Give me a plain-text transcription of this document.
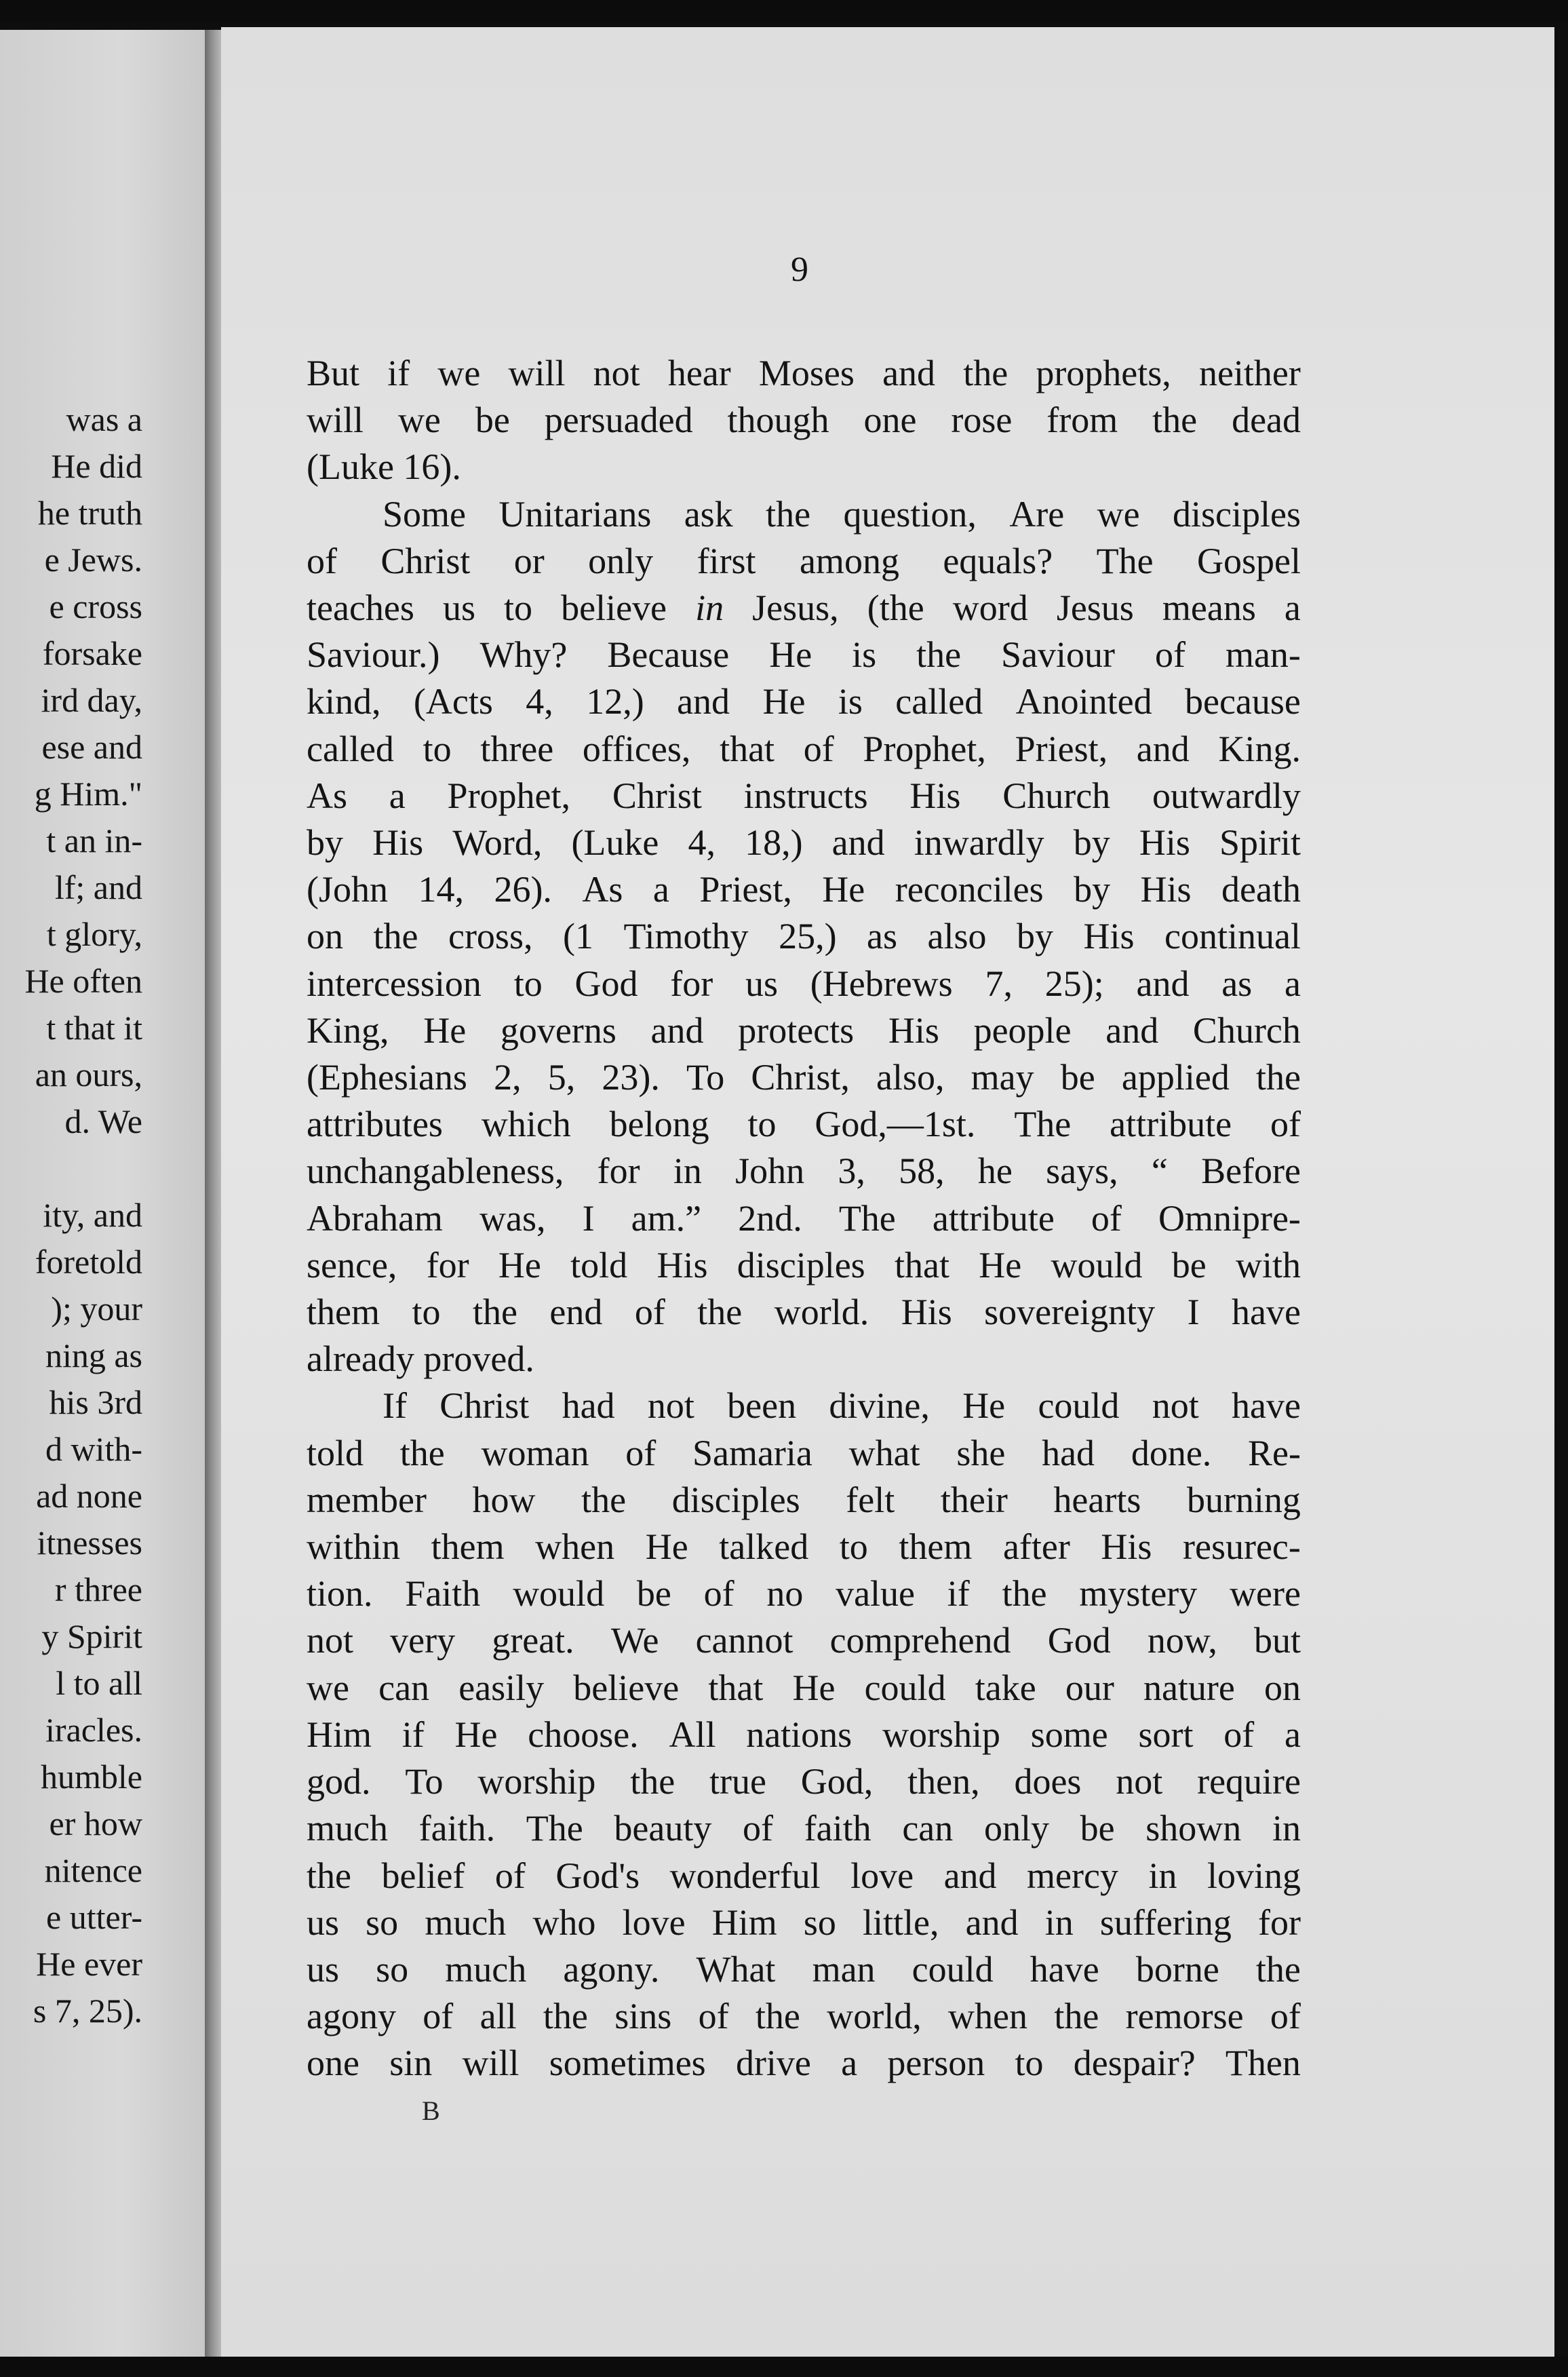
was a
He did
he truth
e Jews.
e cross
forsake
ird day,
ese and
g Him."
t an in-
lf; and
t glory,
He often
t that it
an ours,
d. We

ity, and
foretold
); your
ning as
his 3rd
d with-
ad none
itnesses
r three
y Spirit
l to all
iracles.
humble
er how
nitence
e utter-
He ever
s 7, 25).
9
But if we will not hear Moses and the prophets, neither
will we be persuaded though one rose from the dead
(Luke 16).
Some Unitarians ask the question, Are we disciples
of Christ or only first among equals? The Gospel
teaches us to believe in Jesus, (the word Jesus means a
Saviour.) Why? Because He is the Saviour of man-
kind, (Acts 4, 12,) and He is called Anointed because
called to three offices, that of Prophet, Priest, and King.
As a Prophet, Christ instructs His Church outwardly
by His Word, (Luke 4, 18,) and inwardly by His Spirit
(John 14, 26). As a Priest, He reconciles by His death
on the cross, (1 Timothy 25,) as also by His continual
intercession to God for us (Hebrews 7, 25); and as a
King, He governs and protects His people and Church
(Ephesians 2, 5, 23). To Christ, also, may be applied the
attributes which belong to God,—1st. The attribute of
unchangableness, for in John 3, 58, he says, “ Before
Abraham was, I am.” 2nd. The attribute of Omnipre-
sence, for He told His disciples that He would be with
them to the end of the world. His sovereignty I have
already proved.
If Christ had not been divine, He could not have
told the woman of Samaria what she had done. Re-
member how the disciples felt their hearts burning
within them when He talked to them after His resurec-
tion. Faith would be of no value if the mystery were
not very great. We cannot comprehend God now, but
we can easily believe that He could take our nature on
Him if He choose. All nations worship some sort of a
god. To worship the true God, then, does not require
much faith. The beauty of faith can only be shown in
the belief of God's wonderful love and mercy in loving
us so much who love Him so little, and in suffering for
us so much agony. What man could have borne the
agony of all the sins of the world, when the remorse of
one sin will sometimes drive a person to despair? Then
B
